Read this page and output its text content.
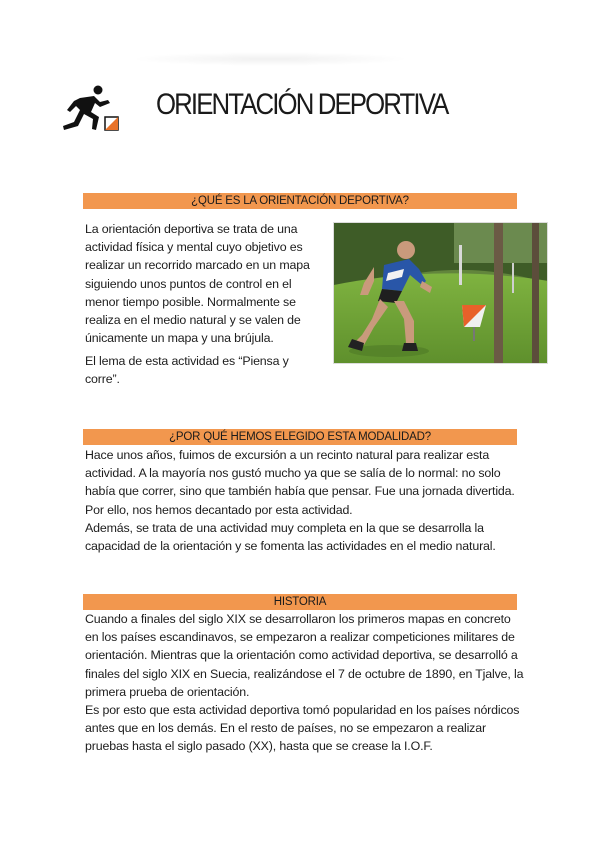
ORIENTACIÓN DEPORTIVA
¿QUÉ ES LA ORIENTACIÓN DEPORTIVA?

La orientación deportiva se trata de una actividad física y mental cuyo objetivo es realizar un recorrido marcado en un mapa siguiendo unos puntos de control en el menor tiempo posible. Normalmente se realiza en el medio natural y se valen de únicamente un mapa y una brújula.

El lema de esta actividad es “Piensa y corre”.

¿POR QUÉ HEMOS ELEGIDO ESTA MODALIDAD?
Hace unos años, fuimos de excursión a un recinto natural para realizar esta actividad. A la mayoría nos gustó mucho ya que se salía de lo normal: no solo había que correr, sino que también había que pensar. Fue una jornada divertida. Por ello, nos hemos decantado por esta actividad.
Además, se trata de una actividad muy completa en la que se desarrolla la capacidad de la orientación y se fomenta las actividades en el medio natural.
HISTORIA
Cuando a finales del siglo XIX se desarrollaron los primeros mapas en concreto en los países escandinavos, se empezaron a realizar competiciones militares de orientación. Mientras que la orientación como actividad deportiva, se desarrolló a finales del siglo XIX en Suecia, realizándose el 7 de octubre de 1890, en Tjalve, la primera prueba de orientación.
Es por esto que esta actividad deportiva tomó popularidad en los países nórdicos antes que en los demás. En el resto de países, no se empezaron a realizar pruebas hasta el siglo pasado (XX), hasta que se crease la I.O.F.
